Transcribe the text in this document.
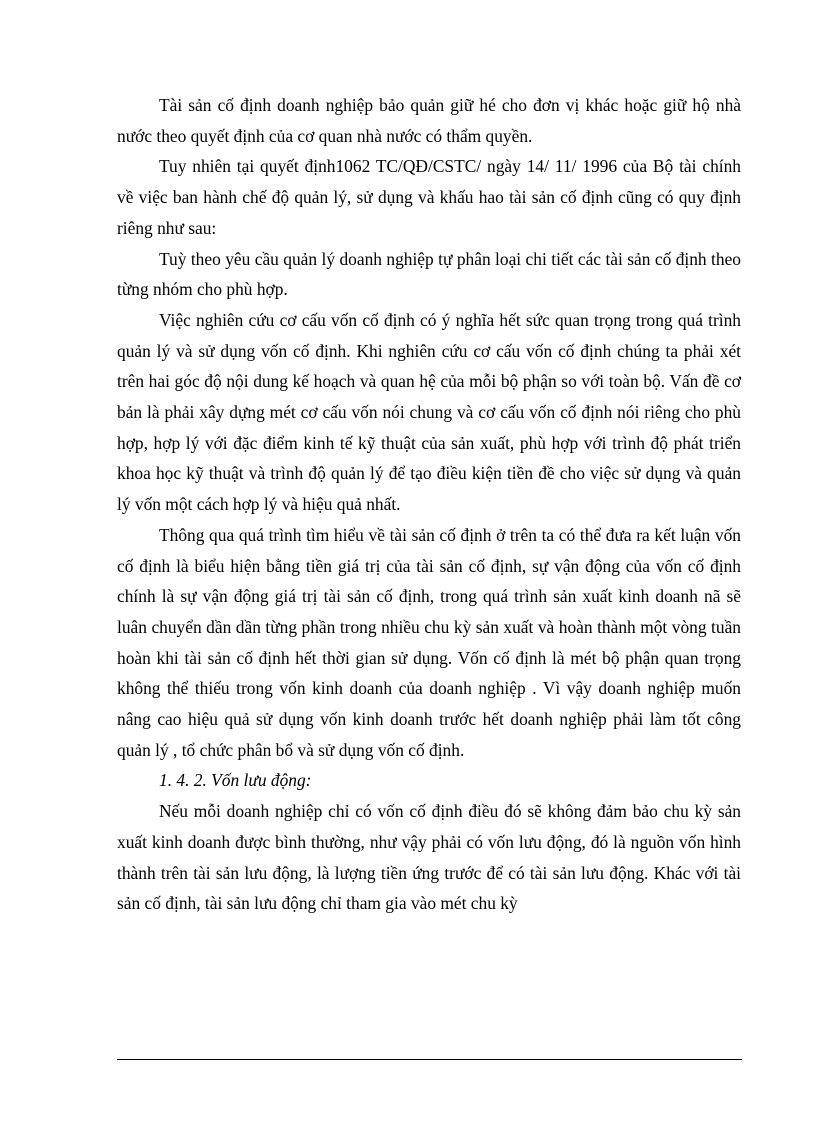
Tài sản cố định doanh nghiệp bảo quản giữ hé cho đơn vị khác hoặc giữ hộ nhà nước theo quyết định của cơ quan nhà nước có thẩm quyền.

Tuy nhiên tại quyết định1062 TC/QĐ/CSTC/ ngày 14/ 11/ 1996 của Bộ tài chính về việc ban hành chế độ quản lý, sử dụng và khấu hao tài sản cố định cũng có quy định riêng như sau:

Tuỳ theo yêu cầu quản lý doanh nghiệp tự phân loại chi tiết các tài sản cố định theo từng nhóm cho phù hợp.

Việc nghiên cứu cơ cấu vốn cố định có ý nghĩa hết sức quan trọng trong quá trình quản lý và sử dụng vốn cố định. Khi nghiên cứu cơ cấu vốn cố định chúng ta phải xét trên hai góc độ nội dung kế hoạch và quan hệ của mỗi bộ phận so với toàn bộ. Vấn đề cơ bản là phải xây dựng mét cơ cấu vốn nói chung và cơ cấu vốn cố định nói riêng cho phù hợp, hợp lý với đặc điểm kinh tế kỹ thuật của sản xuất, phù hợp với trình độ phát triển khoa học kỹ thuật và trình độ quản lý để tạo điều kiện tiền đề cho việc sử dụng và quản lý vốn một cách hợp lý và hiệu quả nhất.

Thông qua quá trình tìm hiểu về tài sản cố định ở trên ta có thể đưa ra kết luận vốn cố định là biểu hiện bằng tiền giá trị của tài sản cố định, sự vận động của vốn cố định chính là sự vận động giá trị tài sản cố định, trong quá trình sản xuất kinh doanh nã sẽ luân chuyển dần dần từng phần trong nhiều chu kỳ sản xuất và hoàn thành một vòng tuần hoàn khi tài sản cố định hết thời gian sử dụng. Vốn cố định là mét bộ phận quan trọng không thể thiếu trong vốn kinh doanh của doanh nghiệp . Vì vậy doanh nghiệp muốn nâng cao hiệu quả sử dụng vốn kinh doanh trước hết doanh nghiệp phải làm tốt công quản lý , tổ chức phân bổ và sử dụng vốn cố định.

1. 4. 2. Vốn lưu động:

Nếu mỗi doanh nghiệp chỉ có vốn cố định điều đó sẽ không đảm bảo chu kỳ sản xuất kinh doanh được bình thường, như vậy phải có vốn lưu động, đó là nguồn vốn hình thành trên tài sản lưu động, là lượng tiền ứng trước để có tài sản lưu động. Khác với tài sản cố định, tài sản lưu động chỉ tham gia vào mét chu kỳ
